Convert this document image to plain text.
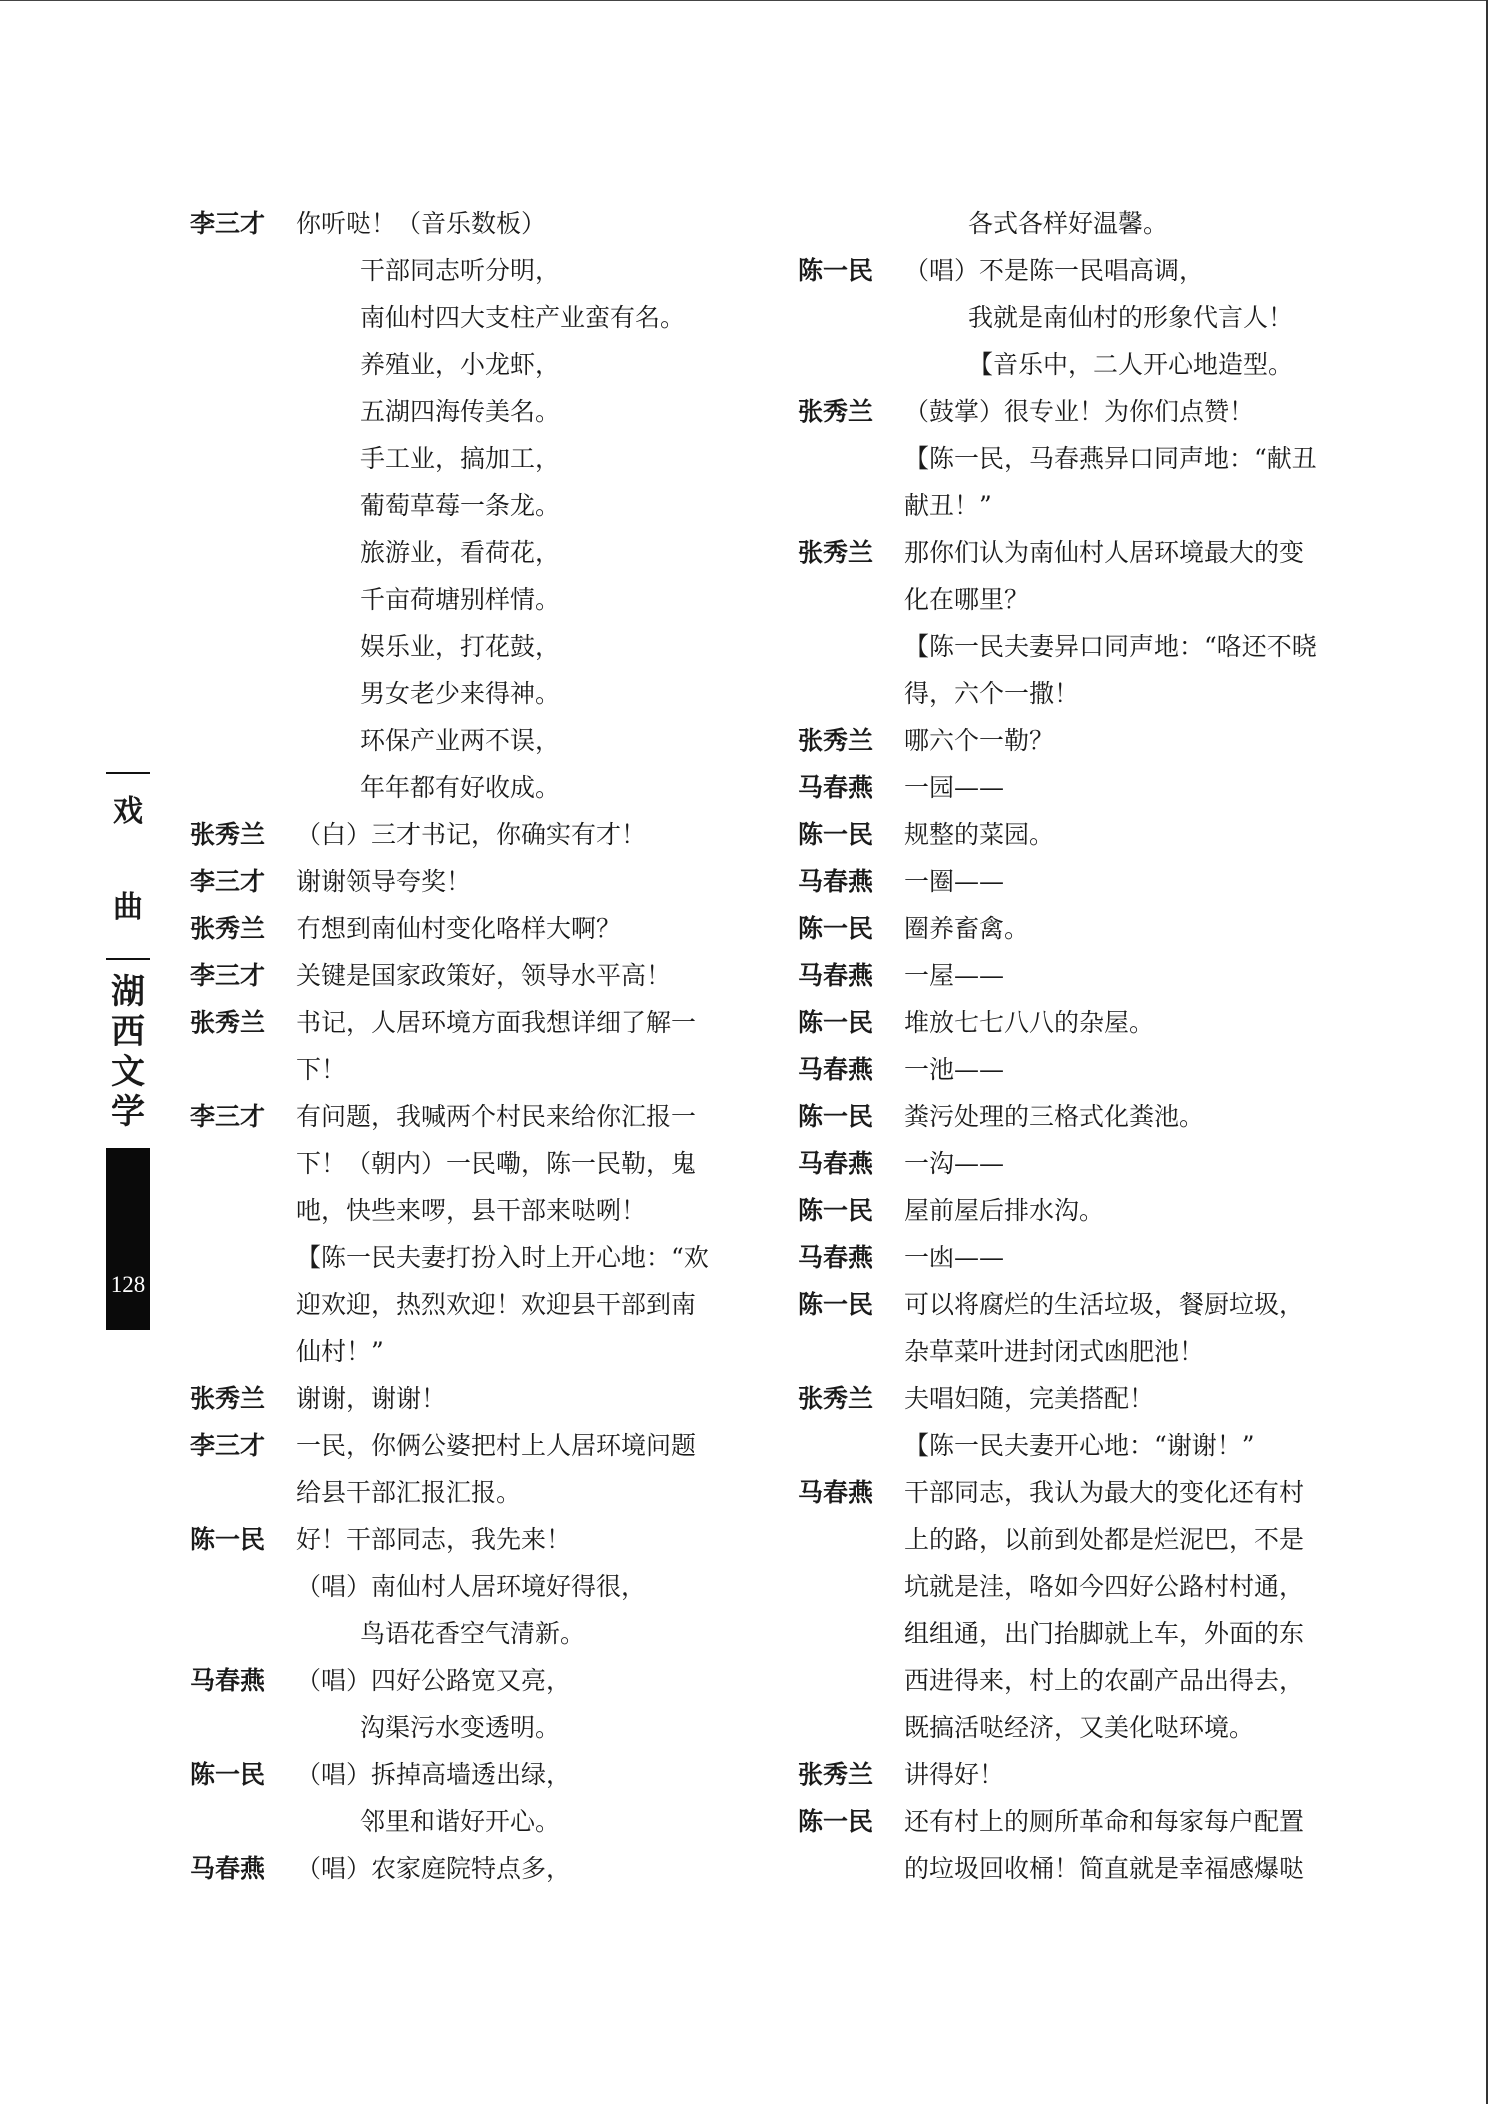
戏
曲
湖
西
文
学
128
李三才	你听哒！（音乐数板）
干部同志听分明，
南仙村四大支柱产业蛮有名。
养殖业，小龙虾，
五湖四海传美名。
手工业，搞加工，
葡萄草莓一条龙。
旅游业，看荷花，
千亩荷塘别样情。
娱乐业，打花鼓，
男女老少来得神。
环保产业两不误，
年年都有好收成。
张秀兰	（白）三才书记，你确实有才！
李三才	谢谢领导夸奖！
张秀兰	冇想到南仙村变化咯样大啊？
李三才	关键是国家政策好，领导水平高！
张秀兰	书记，人居环境方面我想详细了解一
下！
李三才	有问题，我喊两个村民来给你汇报一
下！（朝内）一民嘞，陈一民勒，鬼
吔，快些来啰，县干部来哒咧！
【陈一民夫妻打扮入时上开心地：“欢
迎欢迎，热烈欢迎！欢迎县干部到南
仙村！”
张秀兰	谢谢，谢谢！
李三才	一民，你俩公婆把村上人居环境问题
给县干部汇报汇报。
陈一民	好！干部同志，我先来！
（唱）南仙村人居环境好得很，
鸟语花香空气清新。
马春燕	（唱）四好公路宽又亮，
沟渠污水变透明。
陈一民	（唱）拆掉高墙透出绿，
邻里和谐好开心。
马春燕	（唱）农家庭院特点多，
各式各样好温馨。
陈一民	（唱）不是陈一民唱高调，
我就是南仙村的形象代言人！
【音乐中，二人开心地造型。
张秀兰	（鼓掌）很专业！为你们点赞！
【陈一民，马春燕异口同声地：“献丑
献丑！”
张秀兰	那你们认为南仙村人居环境最大的变
化在哪里？
【陈一民夫妻异口同声地：“咯还不晓
得，六个一撒！
张秀兰	哪六个一勒？
马春燕	一园——
陈一民	规整的菜园。
马春燕	一圈——
陈一民	圈养畜禽。
马春燕	一屋——
陈一民	堆放七七八八的杂屋。
马春燕	一池——
陈一民	粪污处理的三格式化粪池。
马春燕	一沟——
陈一民	屋前屋后排水沟。
马春燕	一凼——
陈一民	可以将腐烂的生活垃圾，餐厨垃圾，
杂草菜叶进封闭式凼肥池！
张秀兰	夫唱妇随，完美搭配！
【陈一民夫妻开心地：“谢谢！”
马春燕	干部同志，我认为最大的变化还有村
上的路，以前到处都是烂泥巴，不是
坑就是洼，咯如今四好公路村村通，
组组通，出门抬脚就上车，外面的东
西进得来，村上的农副产品出得去，
既搞活哒经济，又美化哒环境。
张秀兰	讲得好！
陈一民	还有村上的厕所革命和每家每户配置
的垃圾回收桶！简直就是幸福感爆哒
